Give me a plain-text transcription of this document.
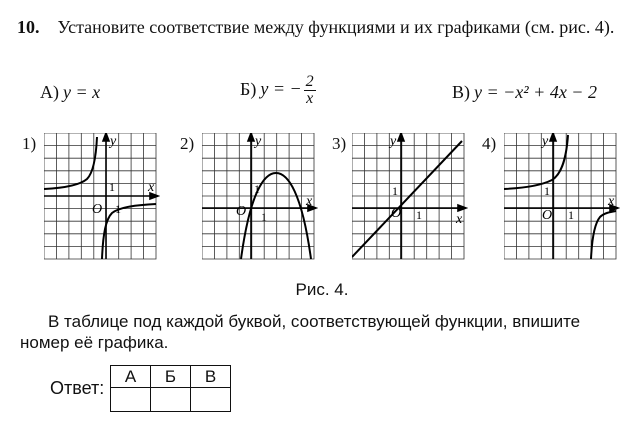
10. Установите соответствие между функциями и их графиками (см. рис. 4).
А) y = x	Б) y = − $\frac{2}{x}$	В) y = −x² + 4x − 2
1)
x
y
O
1
1
2)
x
y
O
1
1
3)
x
y
O
1
1
4)
x
y
O
1
1
Рис. 4.
В таблице под каждой буквой, соответствующей функции, впишите номер её графика.
Ответ:
А	Б	В
